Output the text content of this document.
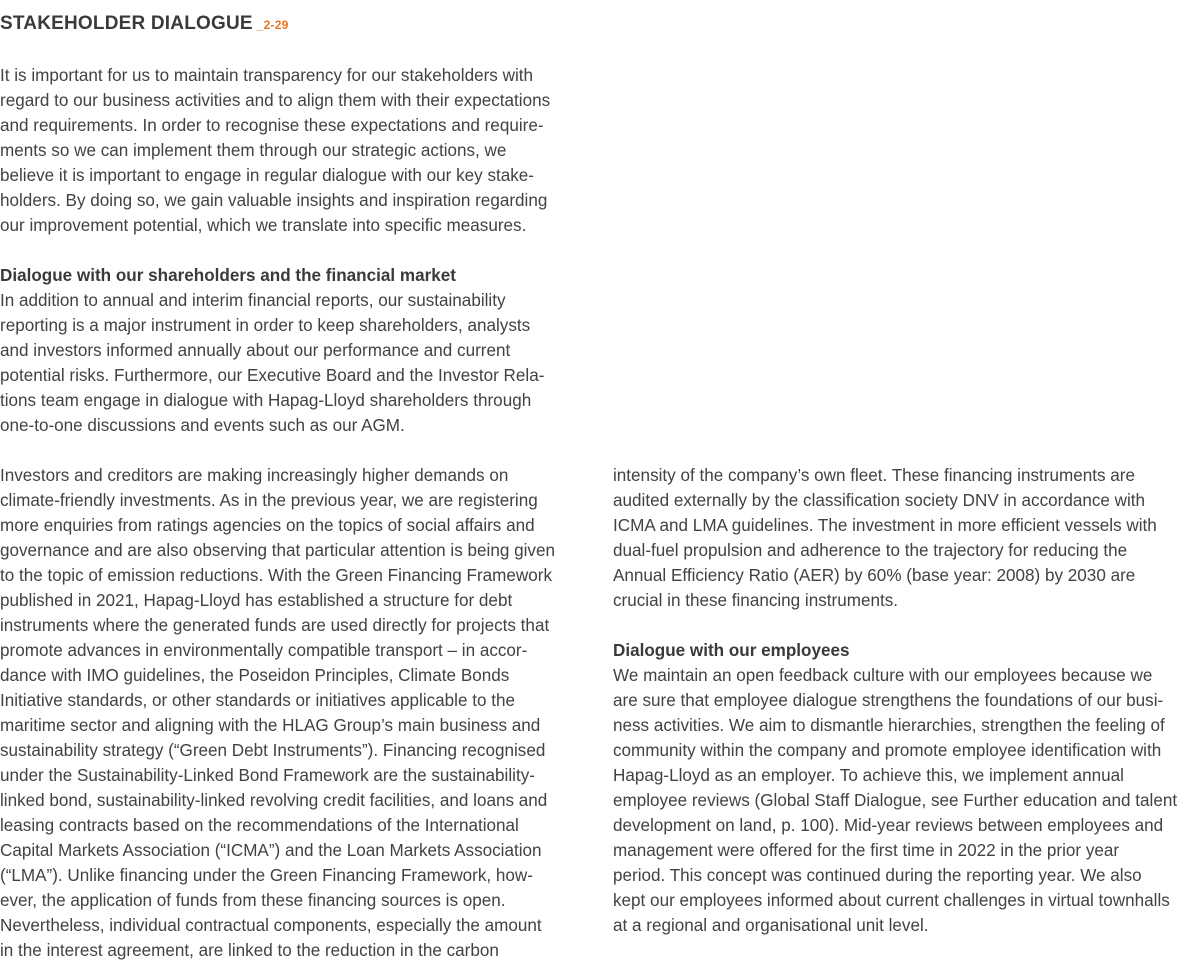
STAKEHOLDER DIALOGUE _2-29
It is important for us to maintain transparency for our stakeholders with
regard to our business activities and to align them with their expectations
and requirements. In order to recognise these expectations and require-
ments so we can implement them through our strategic actions, we
believe it is important to engage in regular dialogue with our key stake-
holders. By doing so, we gain valuable insights and inspiration regarding
our improvement potential, which we translate into specific measures.
Dialogue with our shareholders and the financial market
In addition to annual and interim financial reports, our sustainability
reporting is a major instrument in order to keep shareholders, analysts
and investors informed annually about our performance and current
potential risks. Furthermore, our Executive Board and the Investor Rela-
tions team engage in dialogue with Hapag-Lloyd shareholders through
one-to-one discussions and events such as our AGM.
Investors and creditors are making increasingly higher demands on
climate-friendly investments. As in the previous year, we are registering
more enquiries from ratings agencies on the topics of social affairs and
governance and are also observing that particular attention is being given
to the topic of emission reductions. With the Green Financing Framework
published in 2021, Hapag-Lloyd has established a structure for debt
instruments where the generated funds are used directly for projects that
promote advances in environmentally compatible transport – in accor-
dance with IMO guidelines, the Poseidon Principles, Climate Bonds
Initiative standards, or other standards or initiatives applicable to the
maritime sector and aligning with the HLAG Group’s main business and
sustainability strategy (“Green Debt Instruments”). Financing recognised
under the Sustainability-Linked Bond Framework are the sustainability-
linked bond, sustainability-linked revolving credit facilities, and loans and
leasing contracts based on the recommendations of the International
Capital Markets Association (“ICMA”) and the Loan Markets Association
(“LMA”). Unlike financing under the Green Financing Framework, how-
ever, the application of funds from these financing sources is open.
Nevertheless, individual contractual components, especially the amount
in the interest agreement, are linked to the reduction in the carbon
intensity of the company’s own fleet. These financing instruments are
audited externally by the classification society DNV in accordance with
ICMA and LMA guidelines. The investment in more efficient vessels with
dual-fuel propulsion and adherence to the trajectory for reducing the
Annual Efficiency Ratio (AER) by 60% (base year: 2008) by 2030 are
crucial in these financing instruments.
Dialogue with our employees
We maintain an open feedback culture with our employees because we
are sure that employee dialogue strengthens the foundations of our busi-
ness activities. We aim to dismantle hierarchies, strengthen the feeling of
community within the company and promote employee identification with
Hapag-Lloyd as an employer. To achieve this, we implement annual
employee reviews (Global Staff Dialogue, see Further education and talent
development on land, p. 100). Mid-year reviews between employees and
management were offered for the first time in 2022 in the prior year
period. This concept was continued during the reporting year. We also
kept our employees informed about current challenges in virtual townhalls
at a regional and organisational unit level.
